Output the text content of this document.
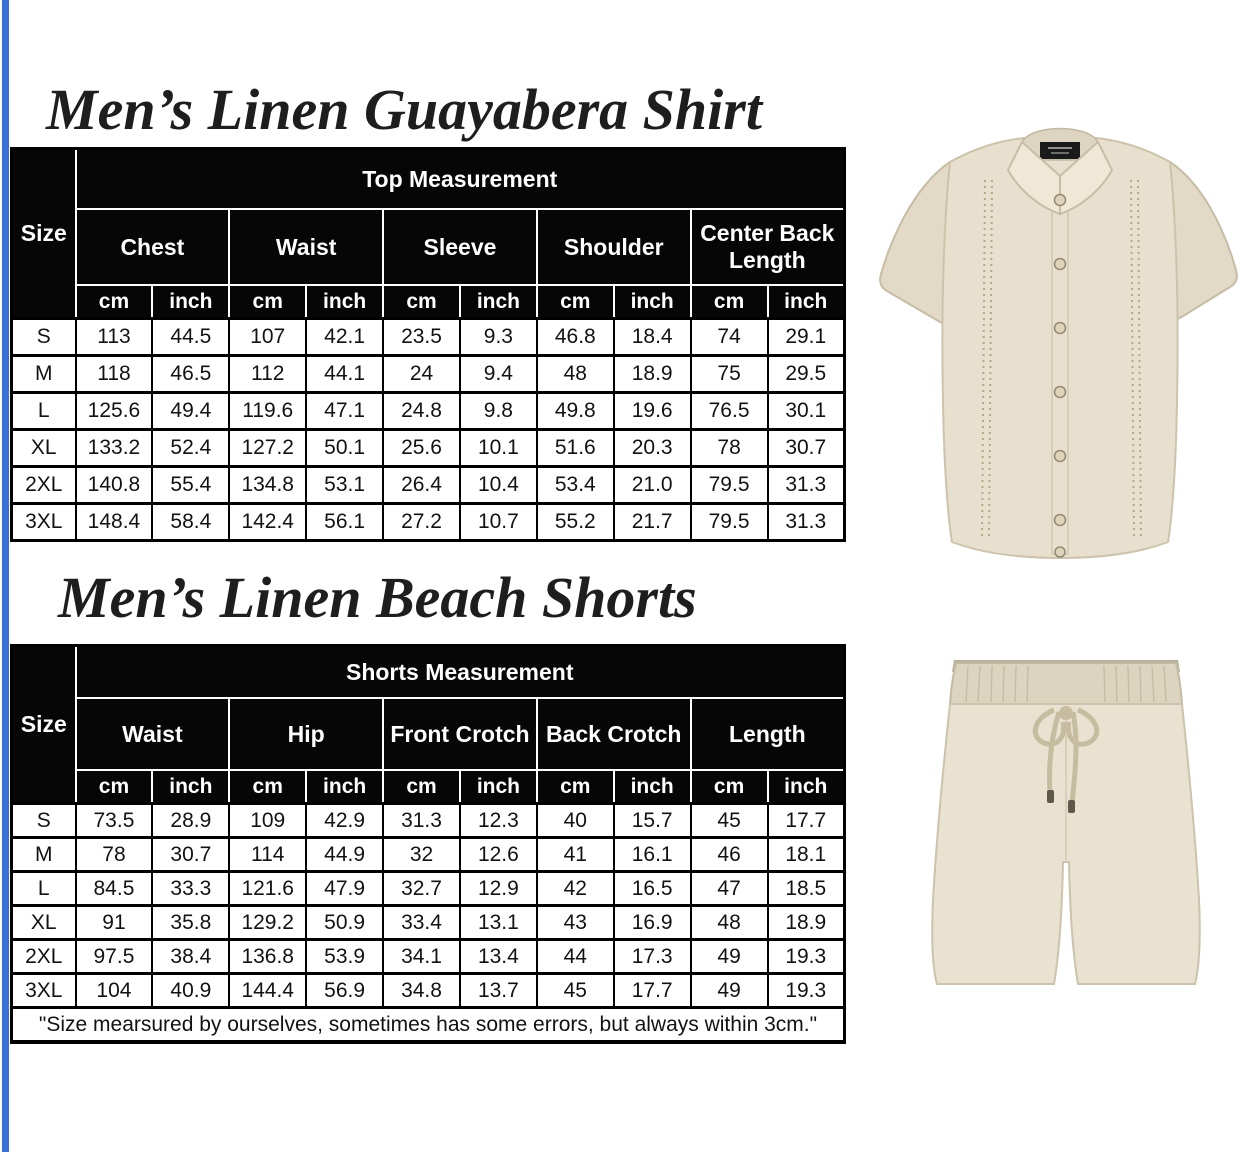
Men’s Linen Guayabera Shirt
Size	Top Measurement									
	Chest		Waist		Sleeve		Shoulder		Center Back Length	
	cm	inch	cm	inch	cm	inch	cm	inch	cm	inch
S	113	44.5	107	42.1	23.5	9.3	46.8	18.4	74	29.1
M	118	46.5	112	44.1	24	9.4	48	18.9	75	29.5
L	125.6	49.4	119.6	47.1	24.8	9.8	49.8	19.6	76.5	30.1
XL	133.2	52.4	127.2	50.1	25.6	10.1	51.6	20.3	78	30.7
2XL	140.8	55.4	134.8	53.1	26.4	10.4	53.4	21.0	79.5	31.3
3XL	148.4	58.4	142.4	56.1	27.2	10.7	55.2	21.7	79.5	31.3
Men’s Linen Beach Shorts
Size	Shorts Measurement									
	Waist		Hip		Front Crotch		Back Crotch		Length	
	cm	inch	cm	inch	cm	inch	cm	inch	cm	inch
S	73.5	28.9	109	42.9	31.3	12.3	40	15.7	45	17.7
M	78	30.7	114	44.9	32	12.6	41	16.1	46	18.1
L	84.5	33.3	121.6	47.9	32.7	12.9	42	16.5	47	18.5
XL	91	35.8	129.2	50.9	33.4	13.1	43	16.9	48	18.9
2XL	97.5	38.4	136.8	53.9	34.1	13.4	44	17.3	49	19.3
3XL	104	40.9	144.4	56.9	34.8	13.7	45	17.7	49	19.3
"Size mearsured by ourselves, sometimes has some errors, but always within 3cm."										
